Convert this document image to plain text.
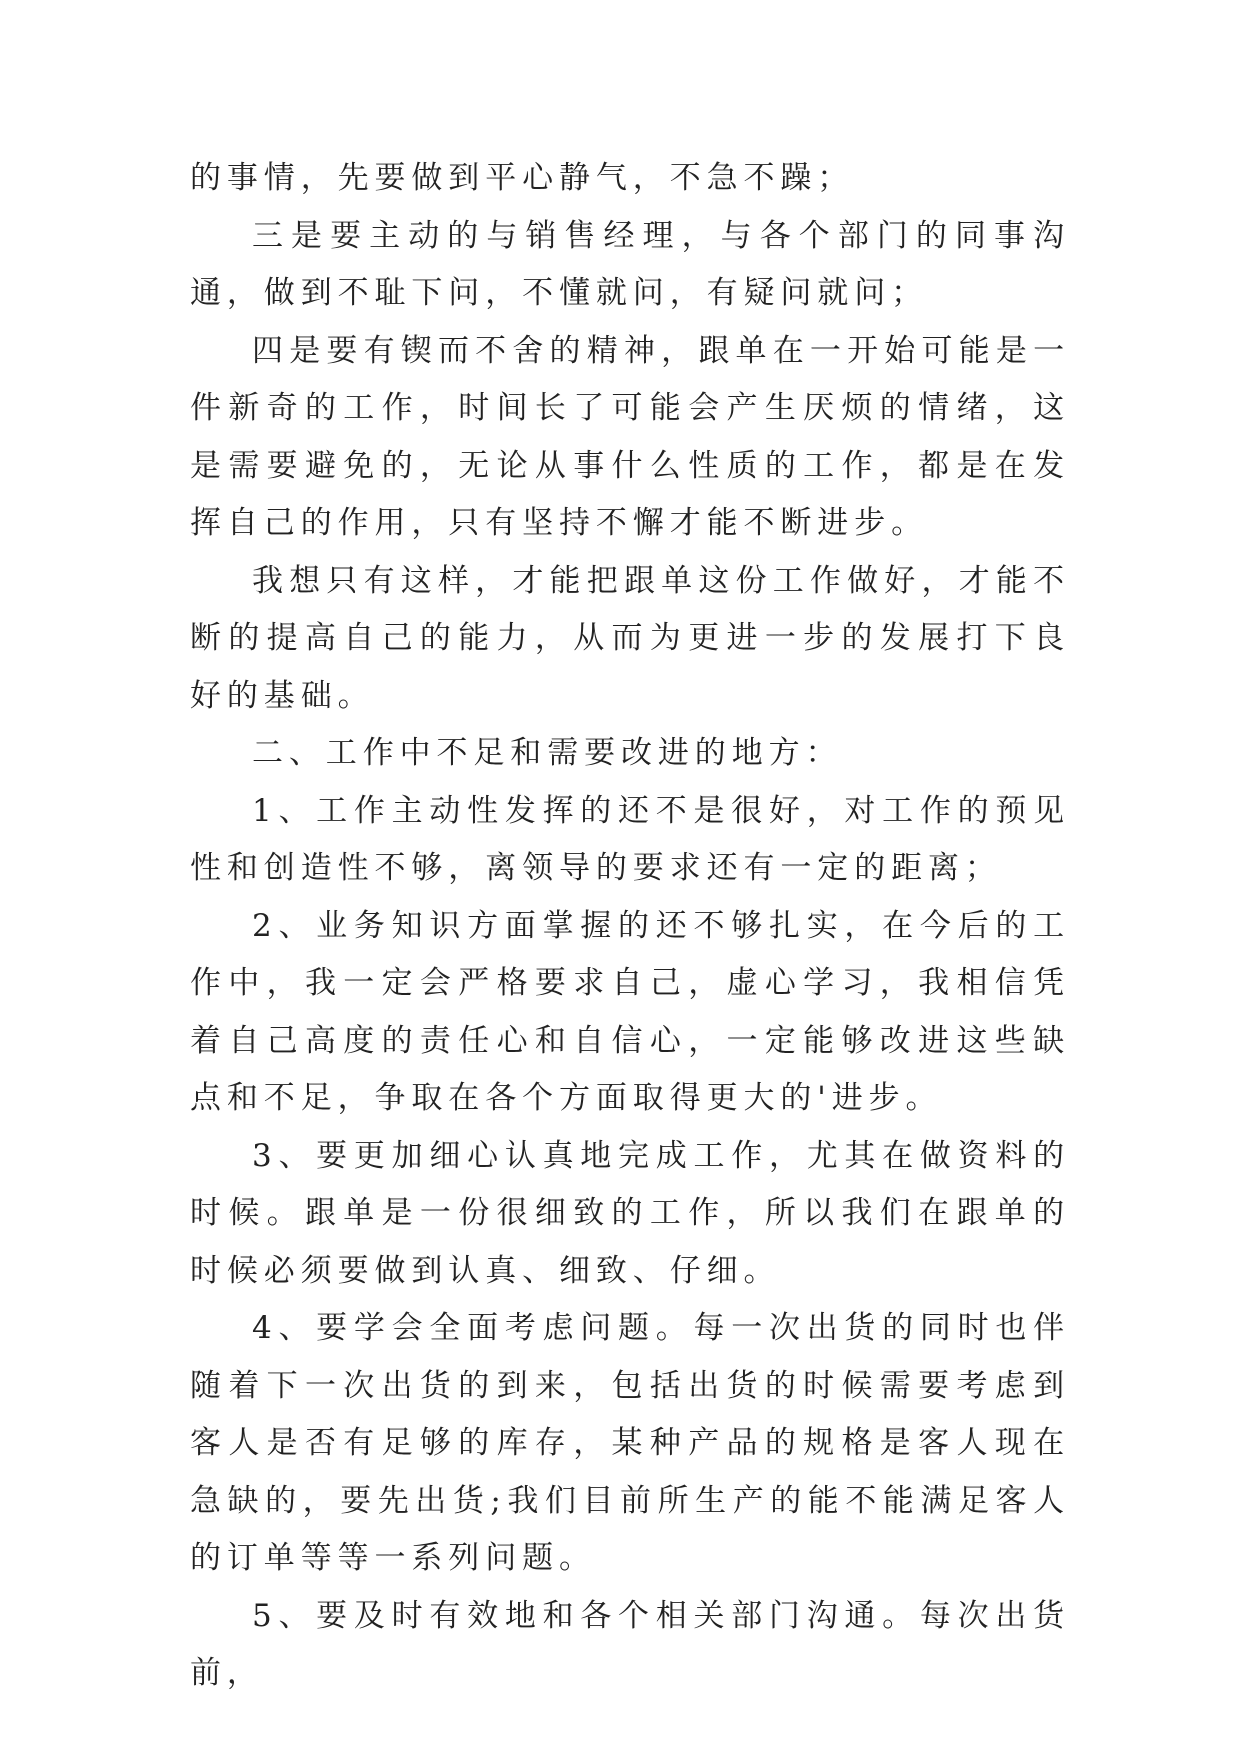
的事情，先要做到平心静气，不急不躁；

三是要主动的与销售经理，与各个部门的同事沟通，做到不耻下问，不懂就问，有疑问就问；

四是要有锲而不舍的精神，跟单在一开始可能是一件新奇的工作，时间长了可能会产生厌烦的情绪，这是需要避免的，无论从事什么性质的工作，都是在发挥自己的作用，只有坚持不懈才能不断进步。

我想只有这样，才能把跟单这份工作做好，才能不断的提高自己的能力，从而为更进一步的发展打下良好的基础。

二、工作中不足和需要改进的地方：

1、工作主动性发挥的还不是很好，对工作的预见性和创造性不够，离领导的要求还有一定的距离；

2、业务知识方面掌握的还不够扎实，在今后的工作中，我一定会严格要求自己，虚心学习，我相信凭着自己高度的责任心和自信心，一定能够改进这些缺点和不足，争取在各个方面取得更大的'进步。

3、要更加细心认真地完成工作，尤其在做资料的时候。跟单是一份很细致的工作，所以我们在跟单的时候必须要做到认真、细致、仔细。

4、要学会全面考虑问题。每一次出货的同时也伴随着下一次出货的到来，包括出货的时候需要考虑到客人是否有足够的库存，某种产品的规格是客人现在急缺的，要先出货;我们目前所生产的能不能满足客人的订单等等一系列问题。

5、要及时有效地和各个相关部门沟通。每次出货前，
